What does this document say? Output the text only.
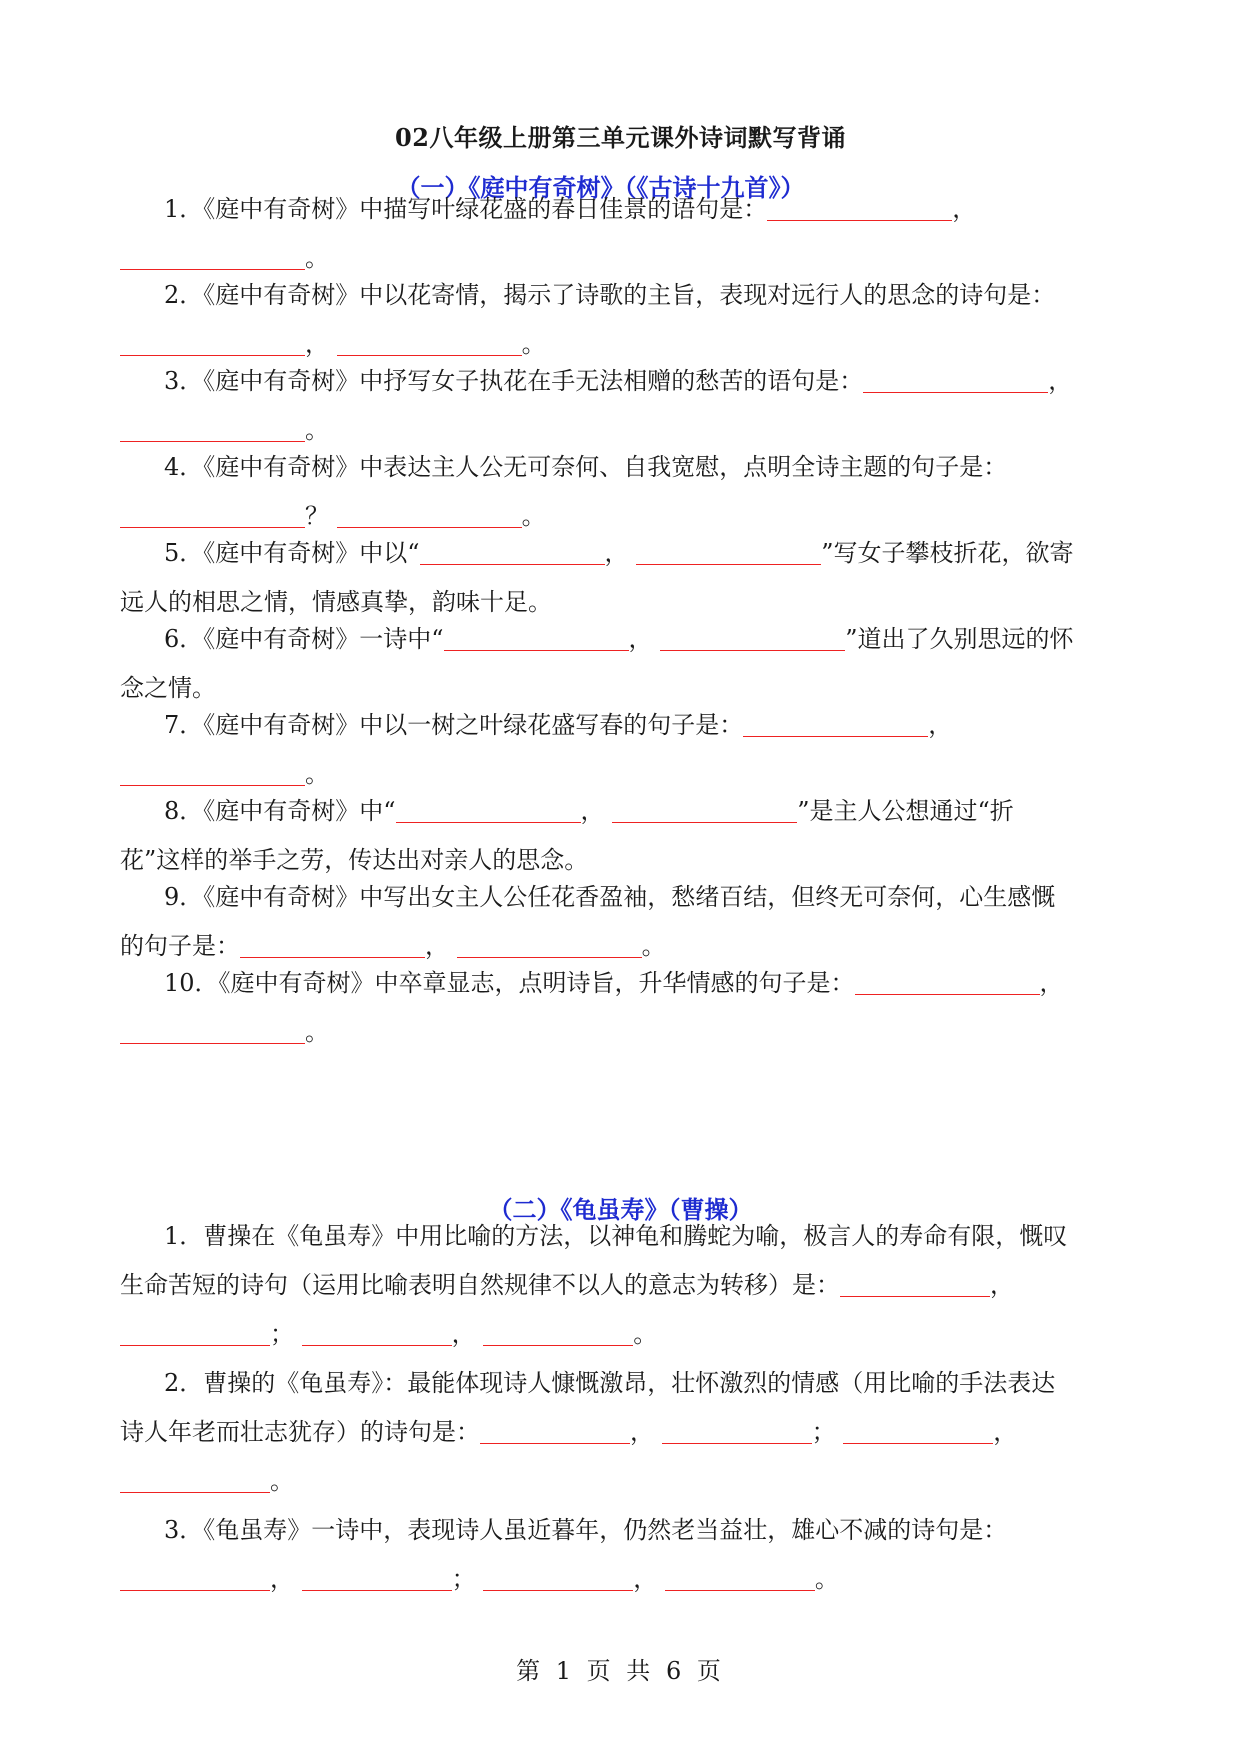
02八年级上册第三单元课外诗词默写背诵
（一）《庭中有奇树》（《古诗十九首》）
1．《庭中有奇树》中描写叶绿花盛的春日佳景的语句是：	，
。
2．《庭中有奇树》中以花寄情，揭示了诗歌的主旨，表现对远行人的思念的诗句是：
，	。
3．《庭中有奇树》中抒写女子执花在手无法相赠的愁苦的语句是：	，
。
4．《庭中有奇树》中表达主人公无可奈何、自我宽慰，点明全诗主题的句子是：
？	。
5．《庭中有奇树》中以“	，	”写女子攀枝折花，欲寄
远人的相思之情，情感真挚，韵味十足。
6．《庭中有奇树》一诗中“	，	”道出了久别思远的怀
念之情。
7．《庭中有奇树》中以一树之叶绿花盛写春的句子是：	，
。
8．《庭中有奇树》中“	，	”是主人公想通过“折
花”这样的举手之劳，传达出对亲人的思念。
9．《庭中有奇树》中写出女主人公任花香盈袖，愁绪百结，但终无可奈何，心生感慨
的句子是：	，	。
10．《庭中有奇树》中卒章显志，点明诗旨，升华情感的句子是：	，
。
（二）《龟虽寿》（曹操）
1．曹操在《龟虽寿》中用比喻的方法，以神龟和腾蛇为喻，极言人的寿命有限，慨叹
生命苦短的诗句（运用比喻表明自然规律不以人的意志为转移）是：	，
；	，	。
2．曹操的《龟虽寿》：最能体现诗人慷慨激昂，壮怀激烈的情感（用比喻的手法表达
诗人年老而壮志犹存）的诗句是：	，	；	，
。
3．《龟虽寿》一诗中，表现诗人虽近暮年，仍然老当益壮，雄心不减的诗句是：
，	；	，	。
第 1 页 共 6 页
